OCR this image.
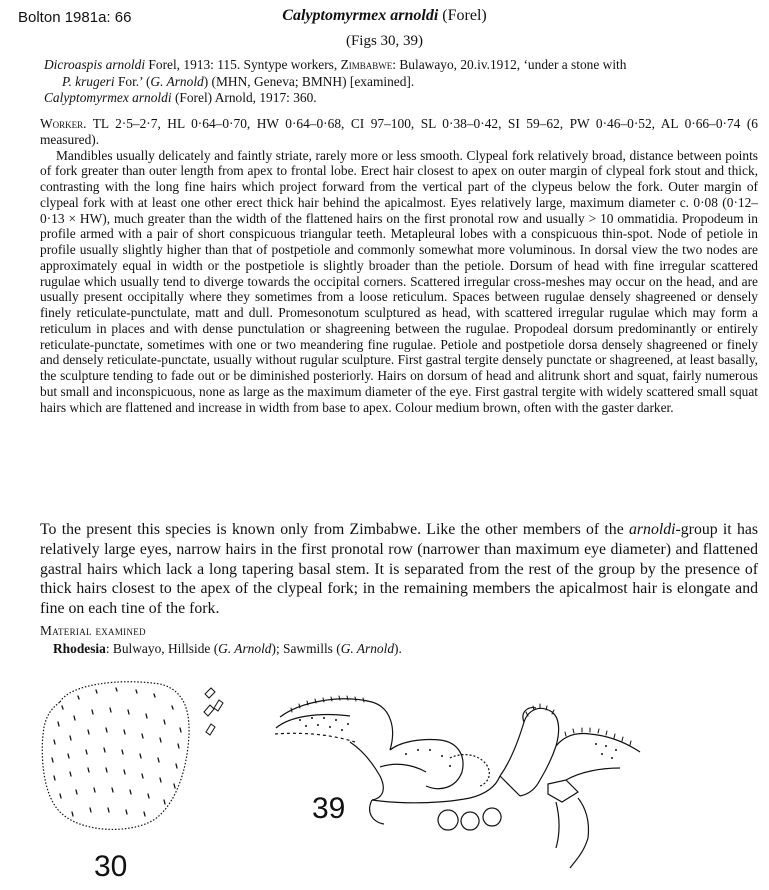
Bolton 1981a: 66	Calyptomyrmex arnoldi (Forel)
(Figs 30, 39)

Dicroaspis arnoldi Forel, 1913: 115. Syntype workers, Zimbabwe: Bulawayo, 20.iv.1912, ‘under a stone with

P. krugeri For.’ (G. Arnold) (MHN, Geneva; BMNH) [examined].

Calyptomyrmex arnoldi (Forel) Arnold, 1917: 360.

Worker. TL 2·5–2·7, HL 0·64–0·70, HW 0·64–0·68, CI 97–100, SL 0·38–0·42, SI 59–62, PW 0·46–0·52, AL 0·66–0·74 (6 measured).

Mandibles usually delicately and faintly striate, rarely more or less smooth. Clypeal fork relatively broad, distance between points of fork greater than outer length from apex to frontal lobe. Erect hair closest to apex on outer margin of clypeal fork stout and thick, contrasting with the long fine hairs which project forward from the vertical part of the clypeus below the fork. Outer margin of clypeal fork with at least one other erect thick hair behind the apicalmost. Eyes relatively large, maximum diameter c. 0·08 (0·12–0·13 × HW), much greater than the width of the flattened hairs on the first pronotal row and usually > 10 ommatidia. Propodeum in profile armed with a pair of short conspicuous triangular teeth. Metapleural lobes with a conspicuous thin-spot. Node of petiole in profile usually slightly higher than that of postpetiole and commonly somewhat more voluminous. In dorsal view the two nodes are approximately equal in width or the postpetiole is slightly broader than the petiole. Dorsum of head with fine irregular scattered rugulae which usually tend to diverge towards the occipital corners. Scattered irregular cross-meshes may occur on the head, and are usually present occipitally where they sometimes from a loose reticulum. Spaces between rugulae densely shagreened or densely finely reticulate-punctulate, matt and dull. Promesonotum sculptured as head, with scattered irregular rugulae which may form a reticulum in places and with dense punctulation or shagreening between the rugulae. Propodeal dorsum predominantly or entirely reticulate-punctate, sometimes with one or two meandering fine rugulae. Petiole and postpetiole dorsa densely shagreened or finely and densely reticulate-punctate, usually without rugular sculpture. First gastral tergite densely punctate or shagreened, at least basally, the sculpture tending to fade out or be diminished posteriorly. Hairs on dorsum of head and alitrunk short and squat, fairly numerous but small and inconspicuous, none as large as the maximum diameter of the eye. First gastral tergite with widely scattered small squat hairs which are flattened and increase in width from base to apex. Colour medium brown, often with the gaster darker.

To the present this species is known only from Zimbabwe. Like the other members of the arnoldi-group it has relatively large eyes, narrow hairs in the first pronotal row (narrower than maximum eye diameter) and flattened gastral hairs which lack a long tapering basal stem. It is separated from the rest of the group by the presence of thick hairs closest to the apex of the clypeal fork; in the remaining members the apicalmost hair is elongate and fine on each tine of the fork.

Material examined

Rhodesia: Bulwayo, Hillside (G. Arnold); Sawmills (G. Arnold).

30
39
